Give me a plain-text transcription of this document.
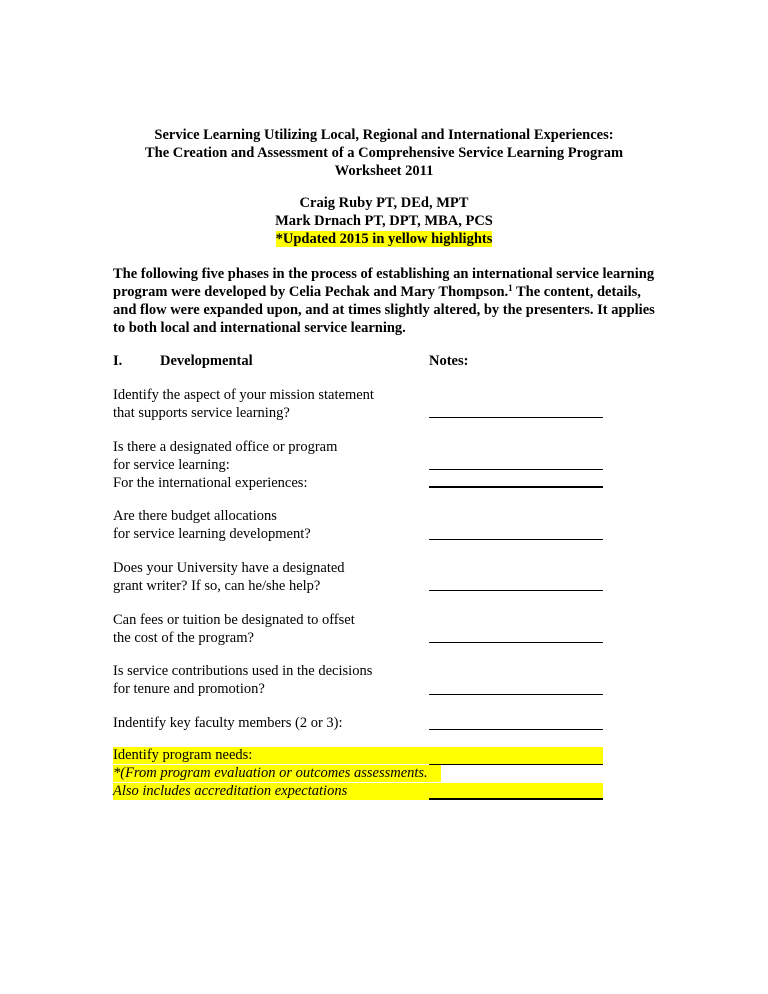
Service Learning Utilizing Local, Regional and International Experiences:
The Creation and Assessment of a Comprehensive Service Learning Program
Worksheet 2011
Craig Ruby PT, DEd, MPT
Mark Drnach PT, DPT, MBA, PCS
*Updated 2015 in yellow highlights
The following five phases in the process of establishing an international service learning program were developed by Celia Pechak and Mary Thompson.$^1$ The content, details, and flow were expanded upon, and at times slightly altered, by the presenters. It applies to both local and international service learning.
I.	Developmental	Notes:
Identify the aspect of your mission statement
that supports service learning?
Is there a designated office or program
for service learning:
For the international experiences:
Are there budget allocations
for service learning development?
Does your University have a designated
grant writer? If so, can he/she help?
Can fees or tuition be designated to offset
the cost of the program?
Is service contributions used in the decisions
for tenure and promotion?
Indentify key faculty members (2 or 3):
Identify program needs:
*(From program evaluation or outcomes assessments.
Also includes accreditation expectations
